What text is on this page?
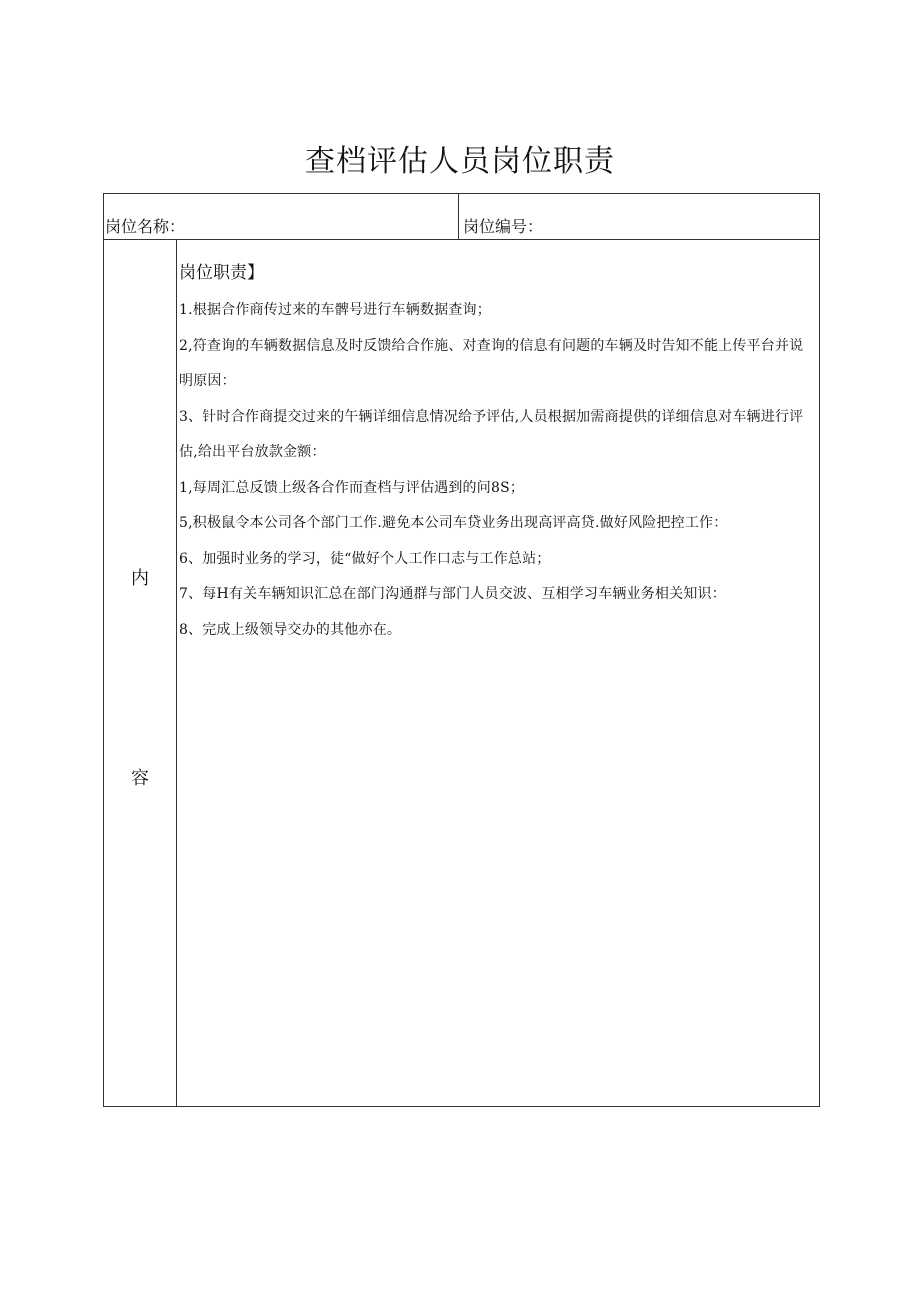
查档评估人员岗位职责
岗位名称：	岗位编号：
内
容
岗位职责】

1.根据合作商传过来的车髀号进行车辆数据查询；

2,符查询的车辆数据信息及时反馈给合作施、对查询的信息有问题的车辆及时告知不能上传平台并说明原因：

3、针时合作商提交过来的午辆详细信息情况给予评估,人员根据加需商提供的详细信息对车辆进行评估,给出平台放款金额：

1,每周汇总反馈上级各合作而查档与评估遇到的问8S；

5,积极鼠令本公司各个部门工作.避免本公司车贷业务出现高评高贷.做好风险把控工作：

6、加强时业务的学习，徒“做好个人工作口志与工作总站；

7、每H有关车辆知识汇总在部门沟通群与部门人员交波、互相学习车辆业务相关知识：

8、完成上级领导交办的其他亦在。
